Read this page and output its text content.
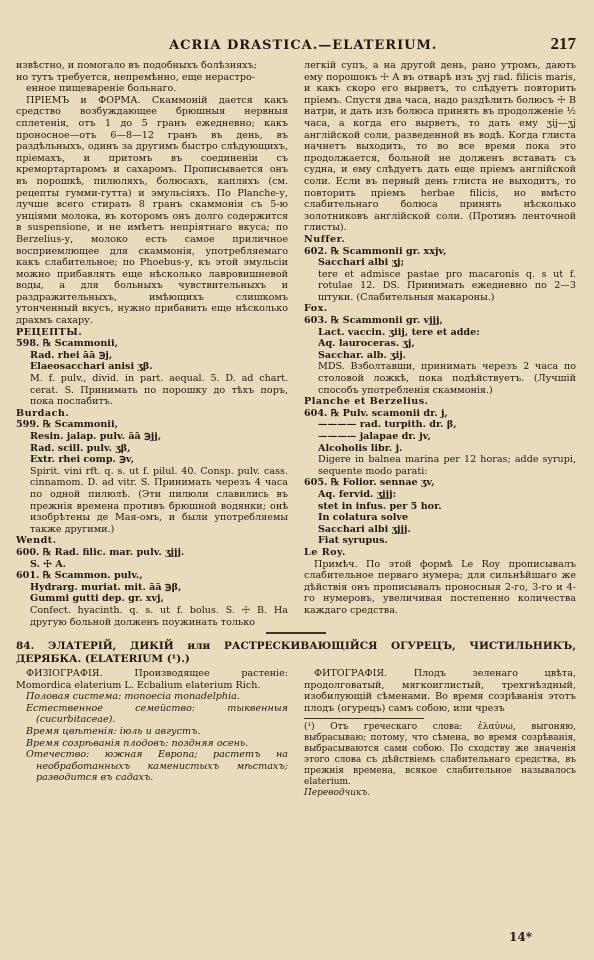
ACRIA DRASTICA.—ELATERIUM.	217

извѣстно, и помогало въ подобныхъ болѣзняхъ;

но тутъ требуется, непремѣнно, еще нерастро-

енное пищевареніе больнаго.

ПРІЕМЪ и ФОРМА. Скаммоній дается какъ средство возбуждающее брюшныя нервныя сплетенія, отъ 1 до 5 гранъ ежедневно; какъ проносное—отъ 6—8—12 гранъ въ день, въ раздѣльныхъ, одинъ за другимъ быстро слѣдующихъ, пріемахъ, и притомъ въ соединеніи съ кремортартаромъ и сахаромъ. Прописывается онъ въ порошкѣ, пилюляхъ, болюсахъ, капляхъ (см. рецепты гумми-гутта) и эмульсіяхъ. По Planche-у, лучше всего стирать 8 гранъ скаммонія съ 5-ю унціями молока, въ которомъ онъ долго содержится в suspensione, и не имѣетъ непріятнаго вкуса; по Berzelius-у, молоко есть самое приличное восприемлющее для скаммонія, употребляемаго какъ слабительное; по Phoebus-у, къ этой эмульсіи можно прибавлять еще нѣсколько лавровишневой воды, а для больныхъ чувствительныхъ и раздражительныхъ, имѣющихъ слишкомъ утонченный вкусъ, нужно прибавить еще нѣсколько драхмъ сахару.

РЕЦЕПТЫ.

598. ℞ Scammonii,

Rad. rhei āā ℈j,

Elaeosacchari anisi ʒβ.

M. f. pulv., divid. in part. aequal. 5. D. ad chart. cerat. S. Принимать по порошку до тѣхъ поръ, пока послабитъ.

Burdach.

599. ℞ Scammonii,

Resin. jalap. pulv. āā ℈jj,

Rad. scill. pulv. ʒβ,

Extr. rhei comp. ℈v,

Spirit. vini rft. q. s. ut f. pilul. 40. Consp. pulv. cass. cinnamom. D. ad vitr. S. Принимать черезъ 4 часа по одной пилюлѣ. (Эти пилюли славились въ прежнія времена противъ брюшной водянки; онѣ изобрѣтены де Мая-омъ, и были употребляемы также другими.)

Wendt.

600. ℞ Rad. filic. mar. pulv. ʒjjj.

S. ☩ A.

601. ℞ Scammon. pulv.,

Hydrarg. muriat. mit. āā ℈β,

Gummi gutti dep. gr. xvj,

Confect. hyacinth. q. s. ut f. bolus. S. ☩ B. На другую больной долженъ поужинать только

легкій супъ, а на другой день, рано утромъ, дають ему порошокъ ☩ A въ отварѣ изъ ʒvj rad. filicis maris, и какъ скоро его вырветъ, то слѣдуетъ повторить пріемъ. Спустя два часа, надо раздѣлить болюсъ ☩ B натри, и дать изъ болюса принять въ продолженіе ½ часа, а когда его вырветъ, то дать ему ʒij—ʒj англійской соли, разведенной въ водѣ. Когда глиста начнетъ выходить, то во все время пока это продолжается, больной не долженъ вставать съ судна, и ему слѣдуетъ дать еще пріемъ англійской соли. Если въ первый день глиста не выходитъ, то повторить пріемъ herbae filicis, но вмѣсто слабительнаго болюса принять нѣсколько золотниковъ англійской соли. (Противъ ленточной глисты).

Nuffer.

602. ℞ Scammonii gr. xxjv,

Sacchari albi ʒj;

tere et admisce pastae pro macaronis q. s ut f. rotulae 12. DS. Принимать ежедневно по 2—3 штуки. (Слабительныя макароны.)

Fox.

603. ℞ Scammonii gr. vjjj,

Lact. vaccin. ʒiij, tere et adde:

Aq. lauroceras. ʒj,

Sacchar. alb. ʒij.

MDS. Взболтавши, принимать черезъ 2 часа по столовой ложкѣ, пока подѣйствуетъ. (Лучшій способъ употребленія скаммонія.)

Planche et Berzelius.

604. ℞ Pulv. scamonii dr. j,

———— rad. turpith. dr. β,

———— jalapae dr. jv,

Alcoholis libr. j.

Digere in balnea marina per 12 horas; adde syrupi, sequente modo parati:

605. ℞ Folior. sennae ʒv,

Aq. fervid. ʒjjj:

stet in infus. per 5 hor.

In colatura solve

Sacchari albi ʒjjj.

Fiat syrupus.

Le Roy.

Примѣч. По этой формѣ Le Roy прописывалъ слабительное перваго нумера; для сильнѣйшаго же дѣйствія онъ прописывалъ проносныя 2-го, 3-го и 4-го нумеровъ, увеличивая постепенно количества каждаго средства.

84. ЭЛАТЕРІЙ, ДИКІЙ или РАСТРЕСКИВАЮЩІЙСЯ ОГУРЕЦЪ, ЧИСТИЛЬНИКЪ, ДЕРЯБКА. (ELATERIUM (¹).)

ФИЗІОГРАФІЯ. Производящее растеніе: Momordica elaterium L. Ecbalium elaterium Rich.

Половая система: monoecia monadelphia.

Естественное семейство: тыквенныя (cucurbitaceae).

Время цвѣтенія: іюль и августъ.

Время созрѣванія плодовъ: поздняя осень.

Отечество: южная Европа; растетъ на необработанныхъ каменистыхъ мѣстахъ; разводится въ садахъ.

ФИТОГРАФІЯ. Плодъ зеленаго цвѣта, продолговатый, мягкоиглистый, трехгнѣздный, изобилующій сѣменами. Во время созрѣванія этотъ плодъ (огурецъ) самъ собою, или чрезъ

(¹) Отъ греческаго слова: ἐλαύνω, выгоняю, выбрасываю; потому, что сѣмена, во время созрѣванія, выбрасываются сами собою. По сходству же значенія этого слова съ дѣйствіемъ слабительнаго средства, въ прежнія времена, всякое слабительное называлось elaterium.

Переводчикъ.

14*
